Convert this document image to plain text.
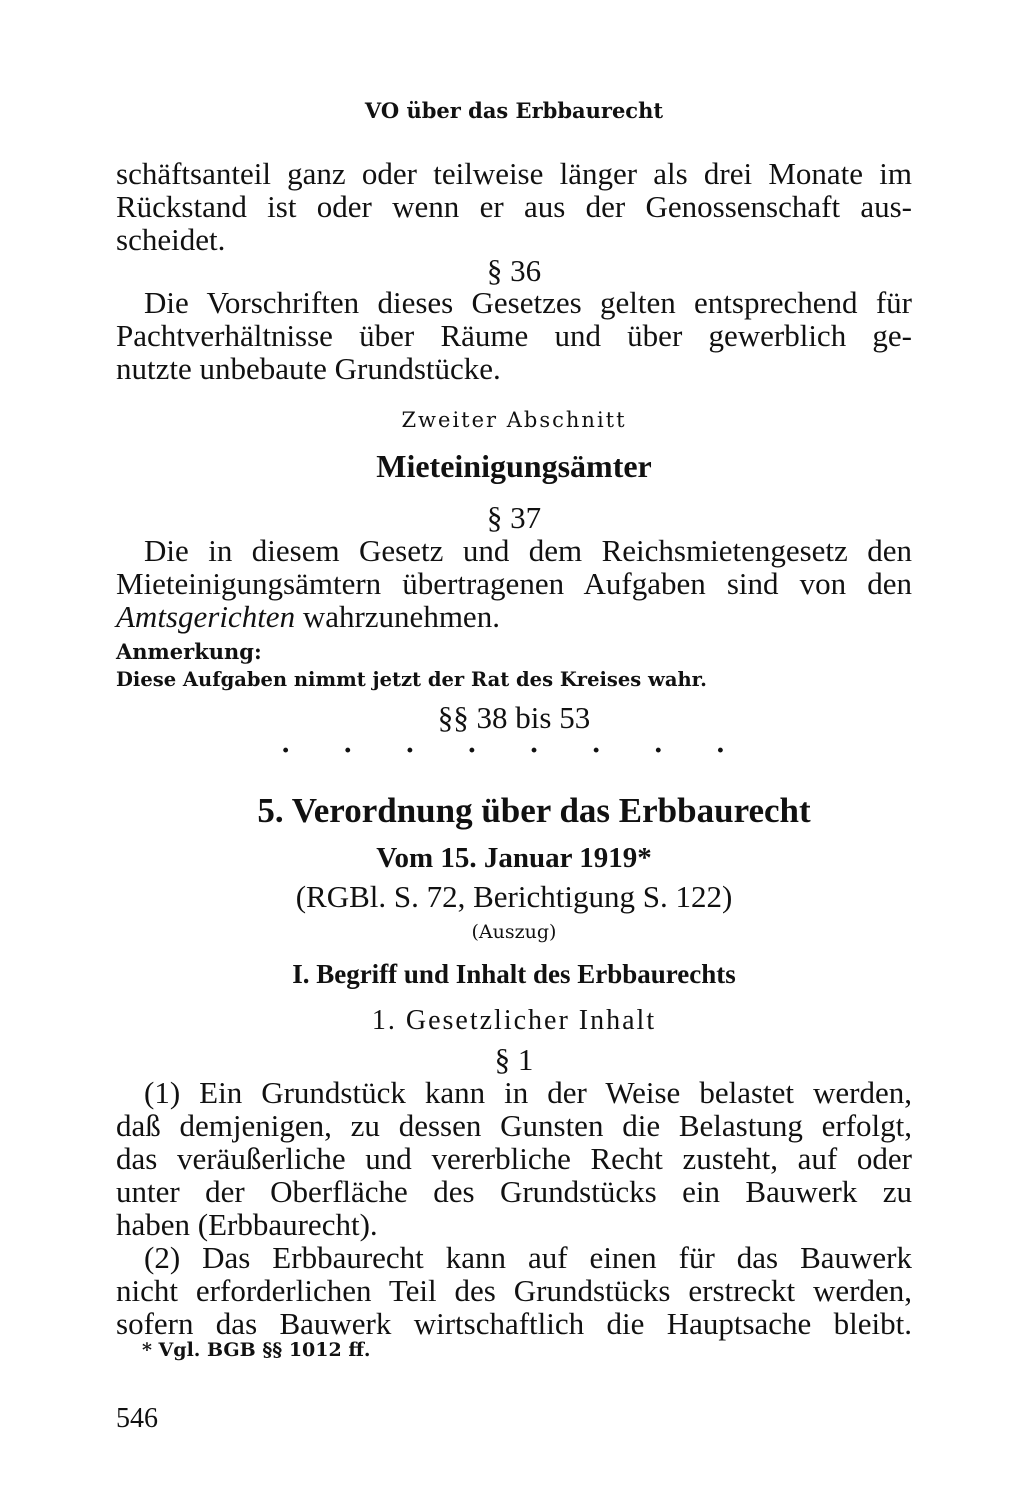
VO über das Erbbaurecht
schäftsanteil ganz oder teilweise länger als drei Monate im
Rückstand ist oder wenn er aus der Genossenschaft aus-
scheidet.
§ 36
Die Vorschriften dieses Gesetzes gelten entsprechend für
Pachtverhältnisse über Räume und über gewerblich ge-
nutzte unbebaute Grundstücke.
Zweiter Abschnitt
Mieteinigungsämter
§ 37
Die in diesem Gesetz und dem Reichsmietengesetz den
Mieteinigungsämtern übertragenen Aufgaben sind von den
Amtsgerichten wahrzunehmen.
Anmerkung:
Diese Aufgaben nimmt jetzt der Rat des Kreises wahr.
§§ 38 bis 53
· · · · · · · ·
5. Verordnung über das Erbbaurecht
Vom 15. Januar 1919*
(RGBl. S. 72, Berichtigung S. 122)
(Auszug)
I. Begriff und Inhalt des Erbbaurechts
1. Gesetzlicher Inhalt
§ 1
(1) Ein Grundstück kann in der Weise belastet werden,
daß demjenigen, zu dessen Gunsten die Belastung erfolgt,
das veräußerliche und vererbliche Recht zusteht, auf oder
unter der Oberfläche des Grundstücks ein Bauwerk zu
haben (Erbbaurecht).
(2) Das Erbbaurecht kann auf einen für das Bauwerk
nicht erforderlichen Teil des Grundstücks erstreckt werden,
sofern das Bauwerk wirtschaftlich die Hauptsache bleibt.
* Vgl. BGB §§ 1012 ff.
546
